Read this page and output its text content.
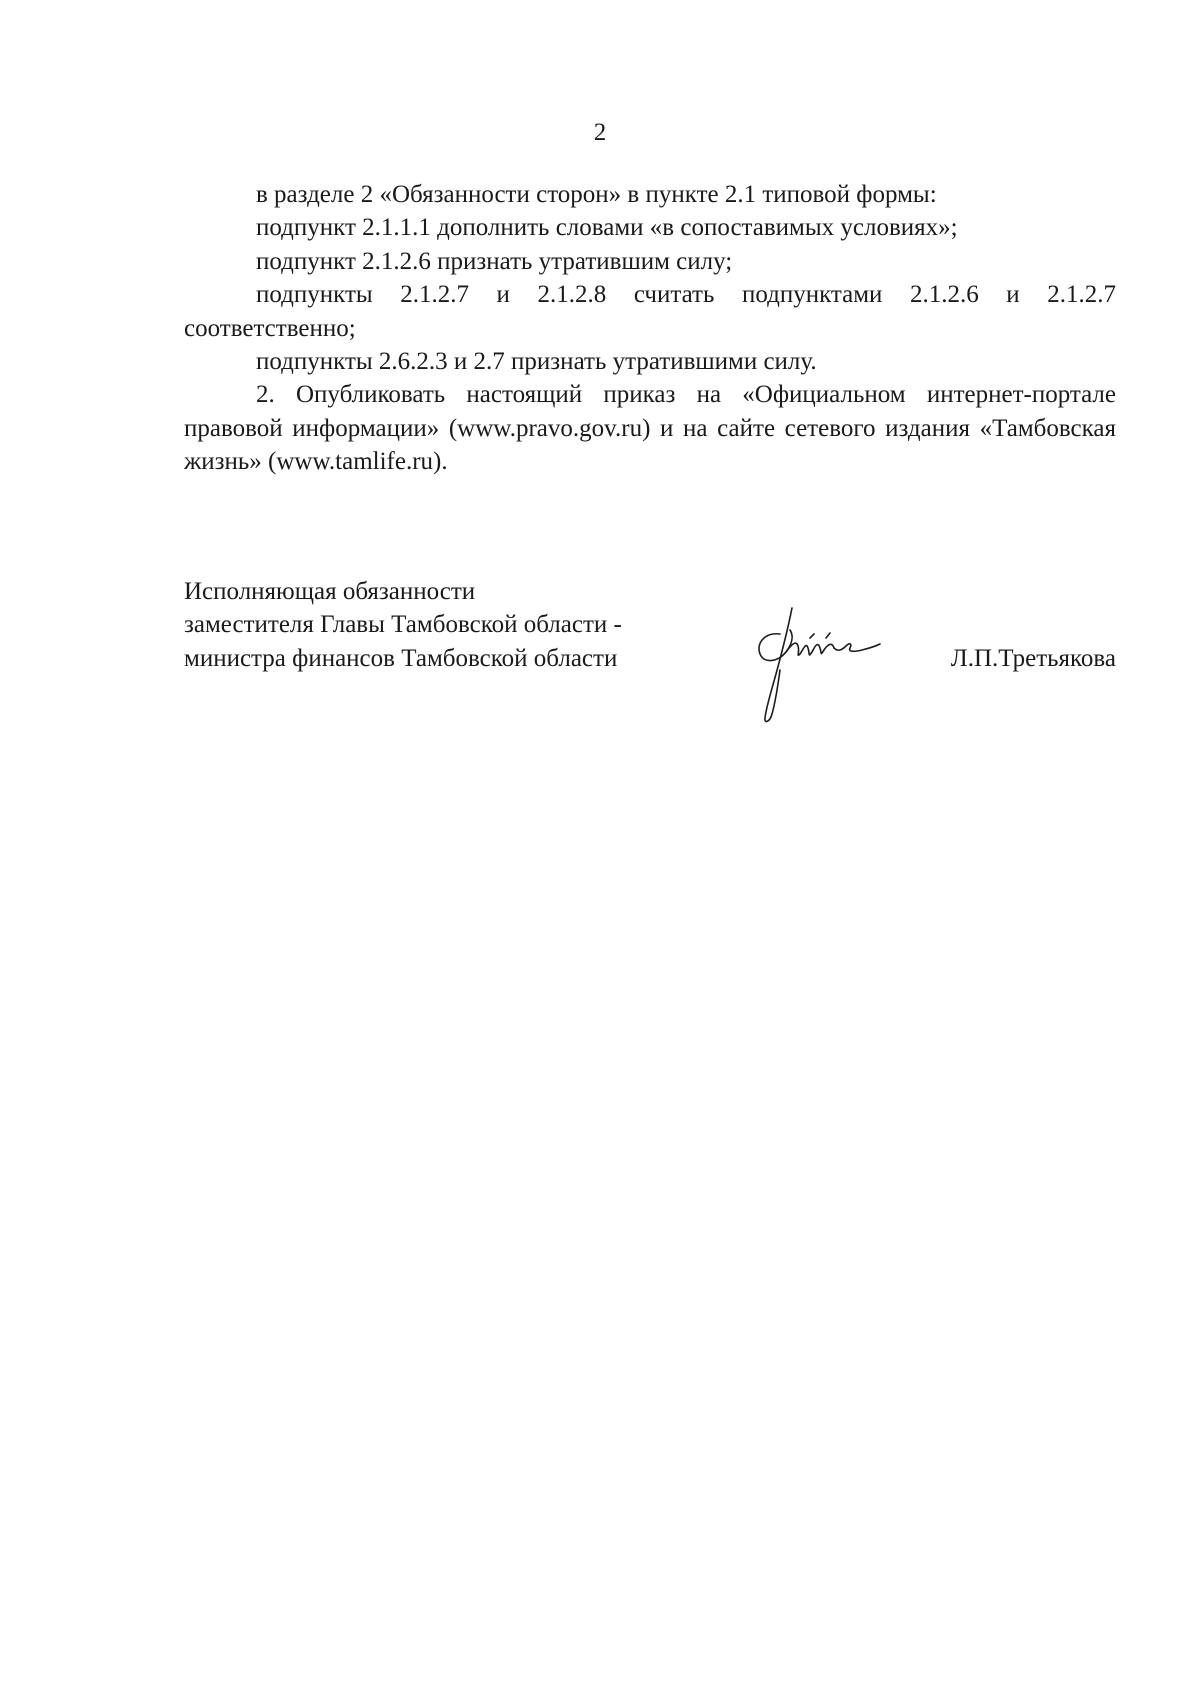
2

в разделе 2 «Обязанности сторон» в пункте 2.1 типовой формы:

подпункт 2.1.1.1 дополнить словами «в сопоставимых условиях»;

подпункт 2.1.2.6 признать утратившим силу;

подпункты 2.1.2.7 и 2.1.2.8 считать подпунктами 2.1.2.6 и 2.1.2.7 соответственно;

подпункты 2.6.2.3 и 2.7 признать утратившими силу.

2. Опубликовать настоящий приказ на «Официальном интернет-портале правовой информации» (www.pravo.gov.ru) и на сайте сетевого издания «Тамбовская жизнь» (www.tamlife.ru).

Исполняющая обязанности
заместителя Главы Тамбовской области -
министра финансов Тамбовской области	Л.П.Третьякова
